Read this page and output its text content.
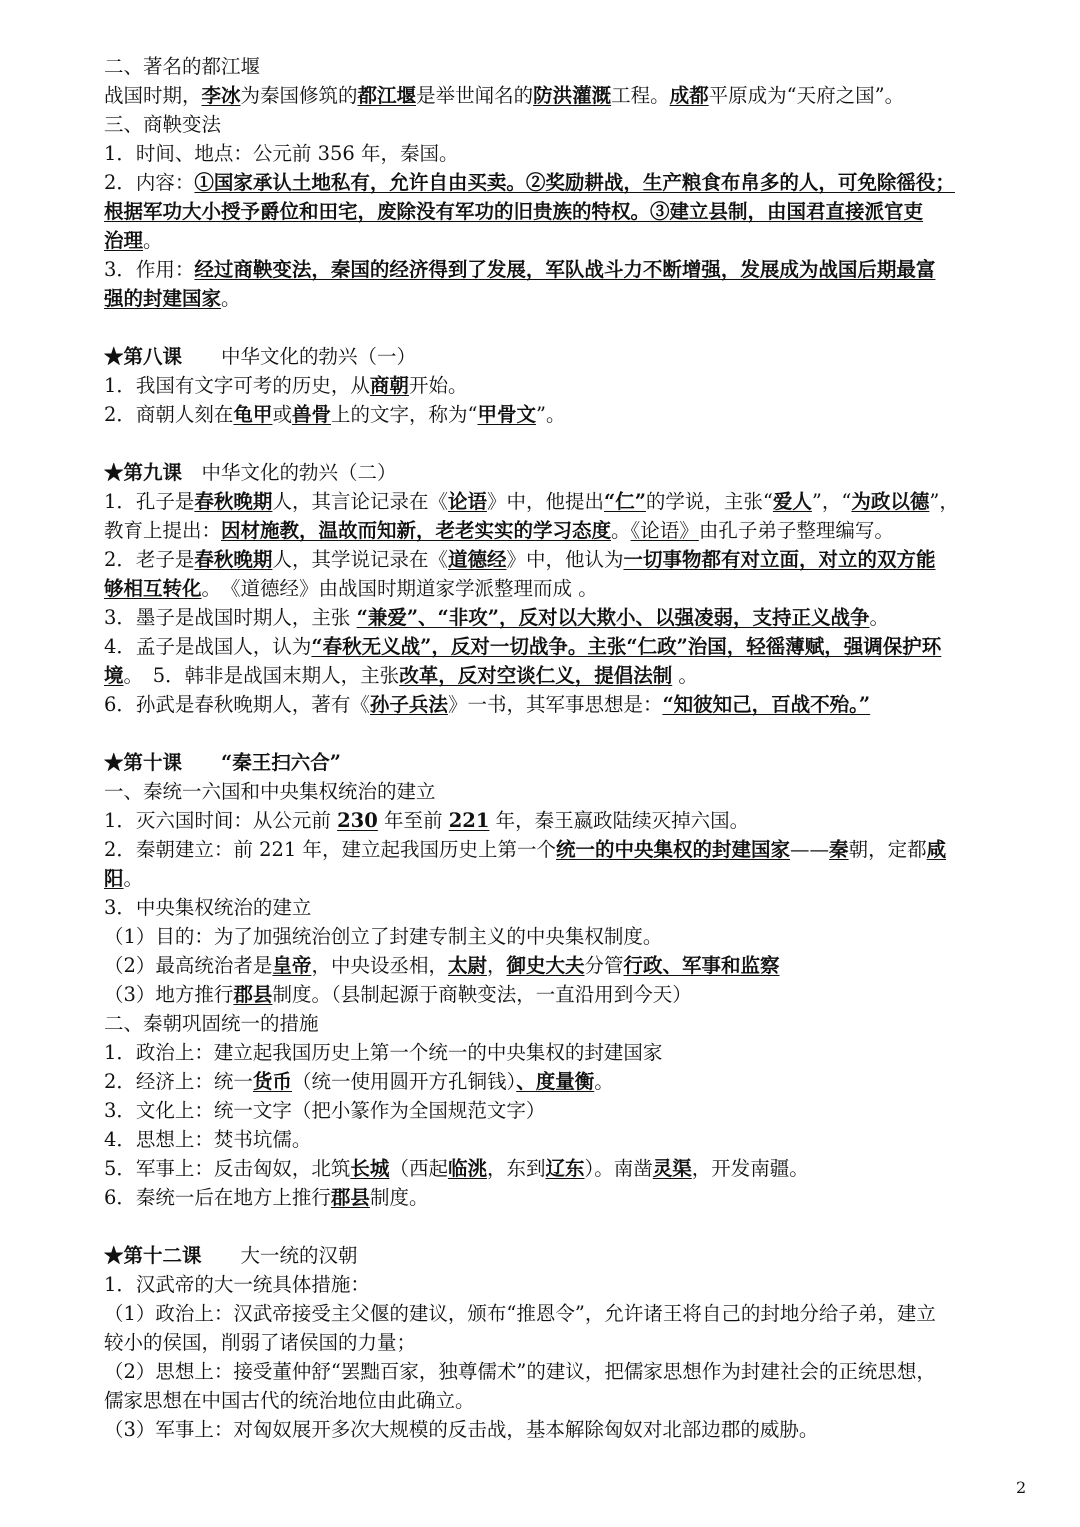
二、著名的都江堰
战国时期，李冰为秦国修筑的都江堰是举世闻名的防洪灌溉工程。成都平原成为“天府之国”。
三、商鞅变法
1．时间、地点：公元前 356 年，秦国。
2．内容：①国家承认土地私有，允许自由买卖。②奖励耕战，生产粮食布帛多的人，可免除徭役；
根据军功大小授予爵位和田宅，废除没有军功的旧贵族的特权。③建立县制，由国君直接派官吏
治理。
3．作用：经过商鞅变法，秦国的经济得到了发展，军队战斗力不断增强，发展成为战国后期最富
强的封建国家。
★第八课　　 中华文化的勃兴（一）
1．我国有文字可考的历史，从商朝开始。
2．商朝人刻在龟甲或兽骨上的文字，称为“甲骨文”。
★第九课　 中华文化的勃兴（二）
1．孔子是春秋晚期人，其言论记录在《论语》中，他提出“仁”的学说，主张“爱人”，“为政以德”，
教育上提出：因材施教，温故而知新，老老实实的学习态度。《论语》由孔子弟子整理编写。
2．老子是春秋晚期人，其学说记录在《道德经》中，他认为一切事物都有对立面，对立的双方能
够相互转化。　《道德经》由战国时期道家学派整理而成 。
3．墨子是战国时期人，主张 “兼爱”、“非攻”，反对以大欺小、以强凌弱，支持正义战争。
4．孟子是战国人，认为“春秋无义战”，反对一切战争。主张“仁政”治国，轻徭薄赋，强调保护环
境。　5．韩非是战国末期人，主张改革，反对空谈仁义，提倡法制 。
6．孙武是春秋晚期人，著有《孙子兵法》一书，其军事思想是：“知彼知己，百战不殆。”
★第十课　　 “秦王扫六合”
一、秦统一六国和中央集权统治的建立
1．灭六国时间：从公元前 230 年至前 221 年，秦王嬴政陆续灭掉六国。
2．秦朝建立：前 221 年，建立起我国历史上第一个统一的中央集权的封建国家——秦朝，定都咸
阳。
3．中央集权统治的建立
（1）目的：为了加强统治创立了封建专制主义的中央集权制度。
（2）最高统治者是皇帝，中央设丞相，太尉，御史大夫分管行政、军事和监察
（3）地方推行郡县制度。（县制起源于商鞅变法，一直沿用到今天）
二、秦朝巩固统一的措施
1．政治上：建立起我国历史上第一个统一的中央集权的封建国家
2．经济上：统一货币（统一使用圆开方孔铜钱）、度量衡。
3．文化上：统一文字（把小篆作为全国规范文字）
4．思想上：焚书坑儒。
5．军事上：反击匈奴，北筑长城（西起临洮，东到辽东）。南凿灵渠，开发南疆。
6．秦统一后在地方上推行郡县制度。
★第十二课　　 大一统的汉朝
1．汉武帝的大一统具体措施：
（1）政治上：汉武帝接受主父偃的建议，颁布“推恩令”，允许诸王将自己的封地分给子弟，建立
较小的侯国，削弱了诸侯国的力量；
（2）思想上：接受董仲舒“罢黜百家，独尊儒术”的建议，把儒家思想作为封建社会的正统思想，
儒家思想在中国古代的统治地位由此确立。
（3）军事上：对匈奴展开多次大规模的反击战，基本解除匈奴对北部边郡的威胁。
2
